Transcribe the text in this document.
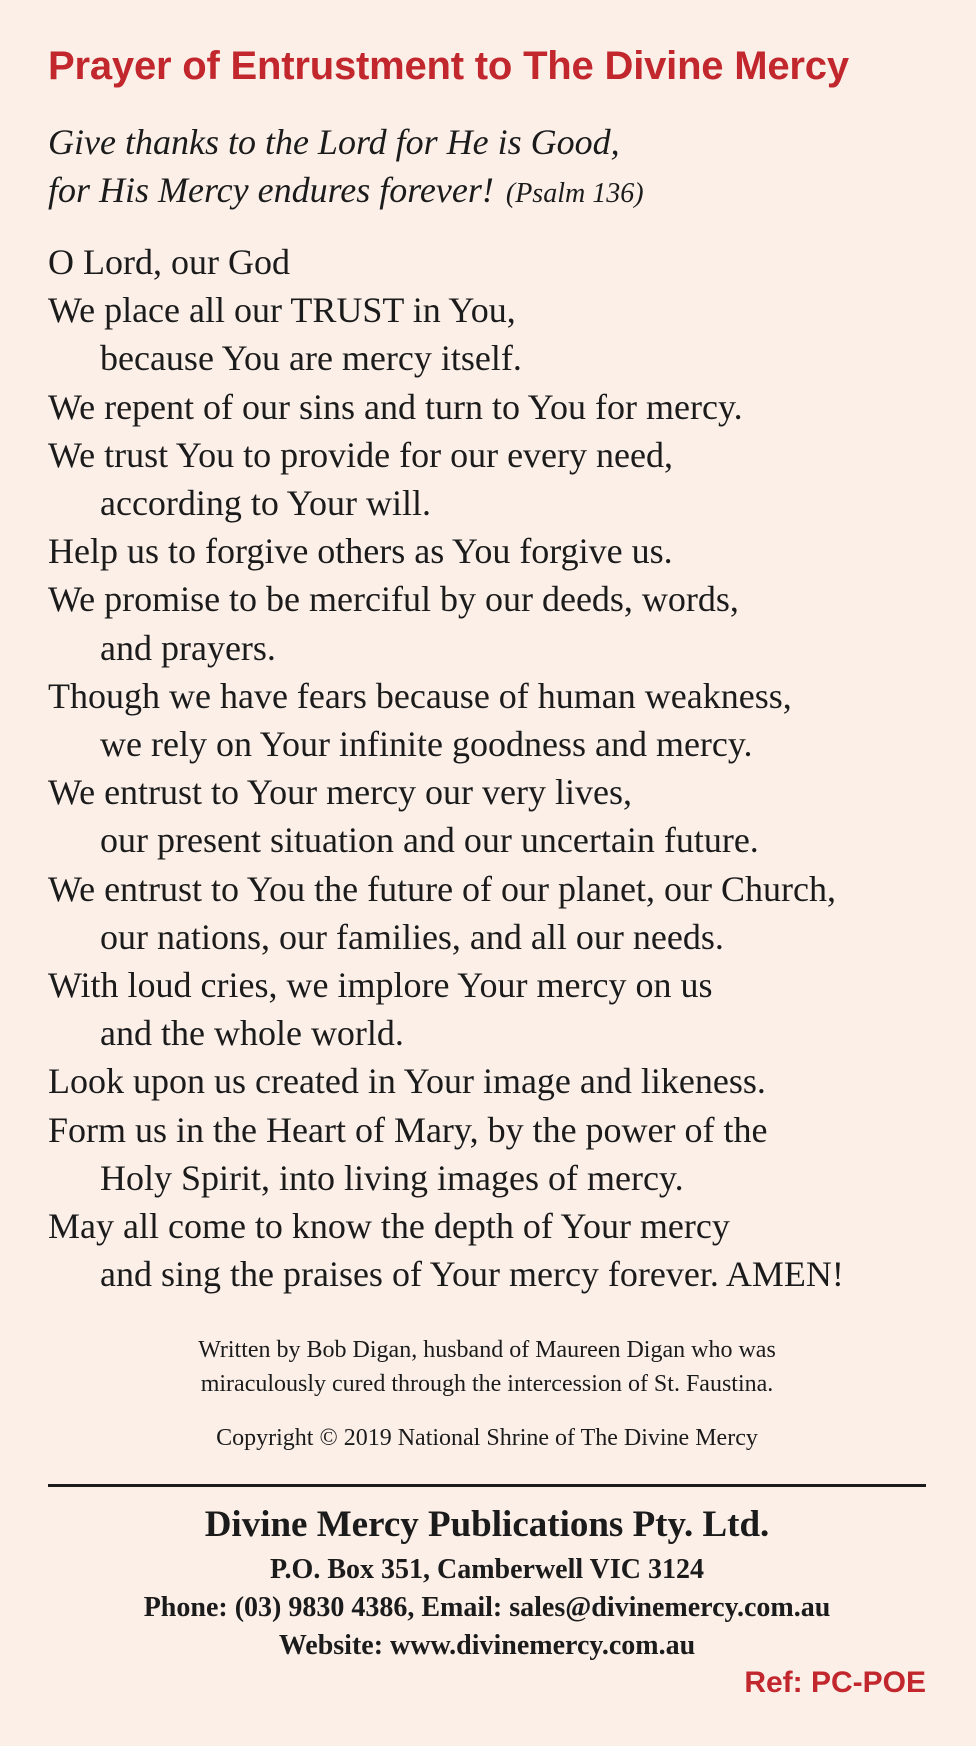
Prayer of Entrustment to The Divine Mercy
Give thanks to the Lord for He is Good,
for His Mercy endures forever! (Psalm 136)
O Lord, our God
We place all our TRUST in You,
because You are mercy itself.
We repent of our sins and turn to You for mercy.
We trust You to provide for our every need,
according to Your will.
Help us to forgive others as You forgive us.
We promise to be merciful by our deeds, words,
and prayers.
Though we have fears because of human weakness,
we rely on Your infinite goodness and mercy.
We entrust to Your mercy our very lives,
our present situation and our uncertain future.
We entrust to You the future of our planet, our Church,
our nations, our families, and all our needs.
With loud cries, we implore Your mercy on us
and the whole world.
Look upon us created in Your image and likeness.
Form us in the Heart of Mary, by the power of the
Holy Spirit, into living images of mercy.
May all come to know the depth of Your mercy
and sing the praises of Your mercy forever. AMEN!
Written by Bob Digan, husband of Maureen Digan who was
miraculously cured through the intercession of St. Faustina.
Copyright © 2019 National Shrine of The Divine Mercy
Divine Mercy Publications Pty. Ltd.
P.O. Box 351, Camberwell VIC 3124
Phone: (03) 9830 4386, Email: sales@divinemercy.com.au
Website: www.divinemercy.com.au
Ref: PC-POE
